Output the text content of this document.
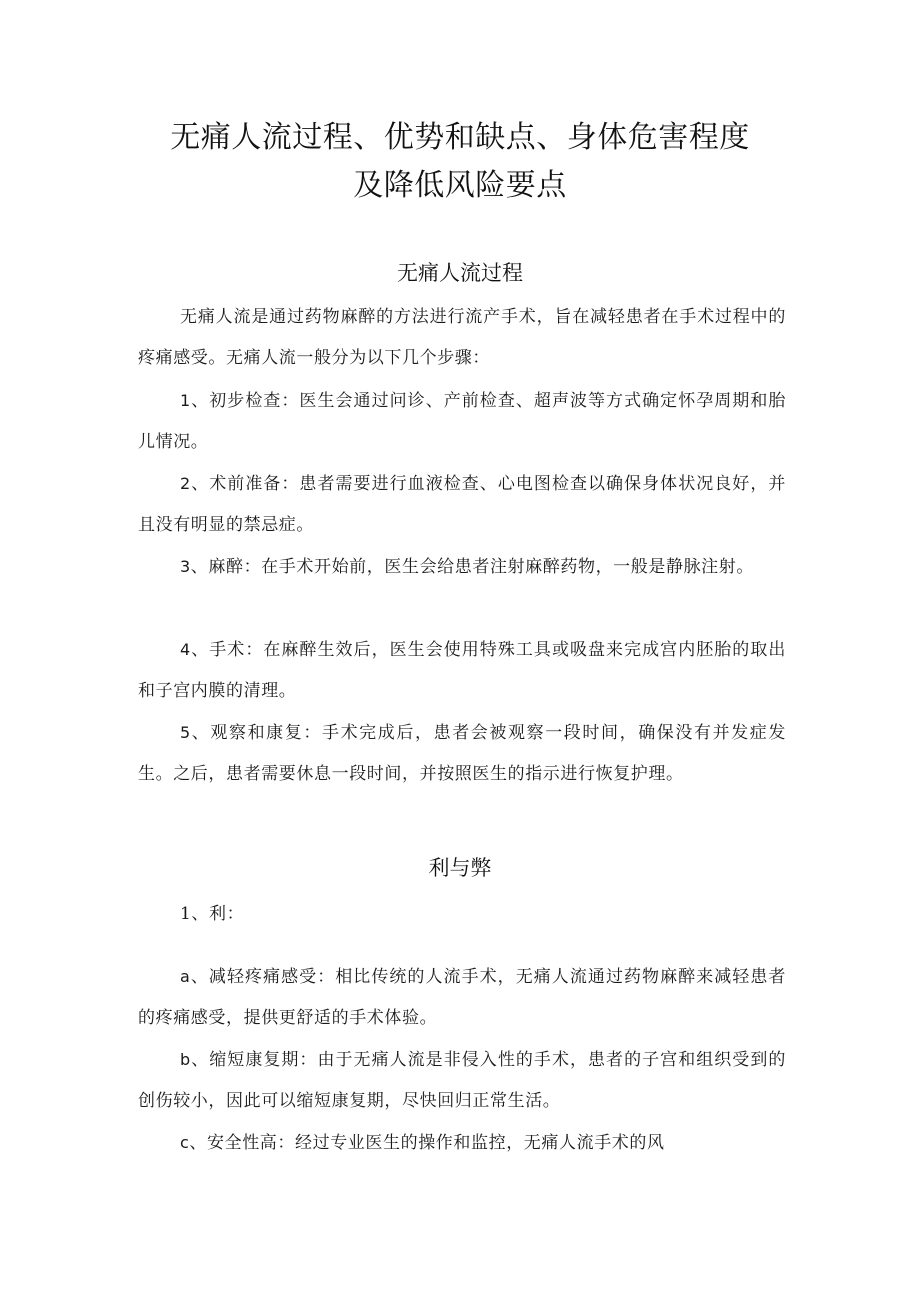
无痛人流过程、优势和缺点、身体危害程度
及降低风险要点
无痛人流过程

无痛人流是通过药物麻醉的方法进行流产手术，旨在减轻患者在手术过程中的疼痛感受。无痛人流一般分为以下几个步骤：

1、初步检查：医生会通过问诊、产前检查、超声波等方式确定怀孕周期和胎儿情况。

2、术前准备：患者需要进行血液检查、心电图检查以确保身体状况良好，并且没有明显的禁忌症。

3、麻醉：在手术开始前，医生会给患者注射麻醉药物，一般是静脉注射。

4、手术：在麻醉生效后，医生会使用特殊工具或吸盘来完成宫内胚胎的取出和子宫内膜的清理。

5、观察和康复：手术完成后，患者会被观察一段时间，确保没有并发症发生。之后，患者需要休息一段时间，并按照医生的指示进行恢复护理。

利与弊

1、利：

a、减轻疼痛感受：相比传统的人流手术，无痛人流通过药物麻醉来减轻患者的疼痛感受，提供更舒适的手术体验。

b、缩短康复期：由于无痛人流是非侵入性的手术，患者的子宫和组织受到的创伤较小，因此可以缩短康复期，尽快回归正常生活。

c、安全性高：经过专业医生的操作和监控，无痛人流手术的风
